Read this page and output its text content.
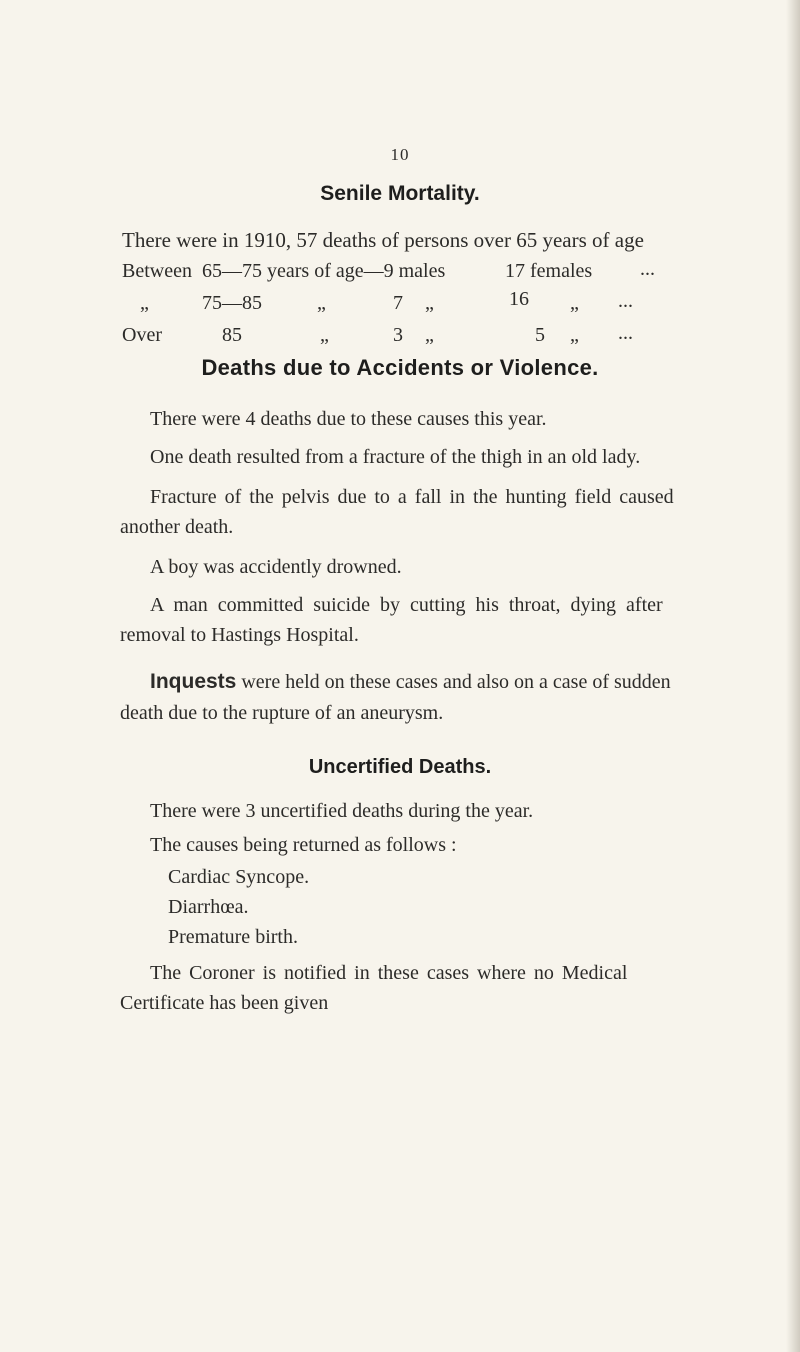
10
Senile Mortality.
There were in 1910, 57 deaths of persons over 65 years of age
Between 65—75 years of age—9 males	17 females ...
„	75—85	„	7 „	16 „ ...
Over	85	„	3 „	5 „ ...
Deaths due to Accidents or Violence.
There were 4 deaths due to these causes this year.
One death resulted from a fracture of the thigh in an old lady.
Fracture of the pelvis due to a fall in the hunting field caused
another death.
A boy was accidently drowned.
A man committed suicide by cutting his throat, dying after
removal to Hastings Hospital.
Inquests were held on these cases and also on a case of sudden
death due to the rupture of an aneurysm.
Uncertified Deaths.
There were 3 uncertified deaths during the year.
The causes being returned as follows :
Cardiac Syncope.
Diarrhœa.
Premature birth.
The Coroner is notified in these cases where no Medical
Certificate has been given
